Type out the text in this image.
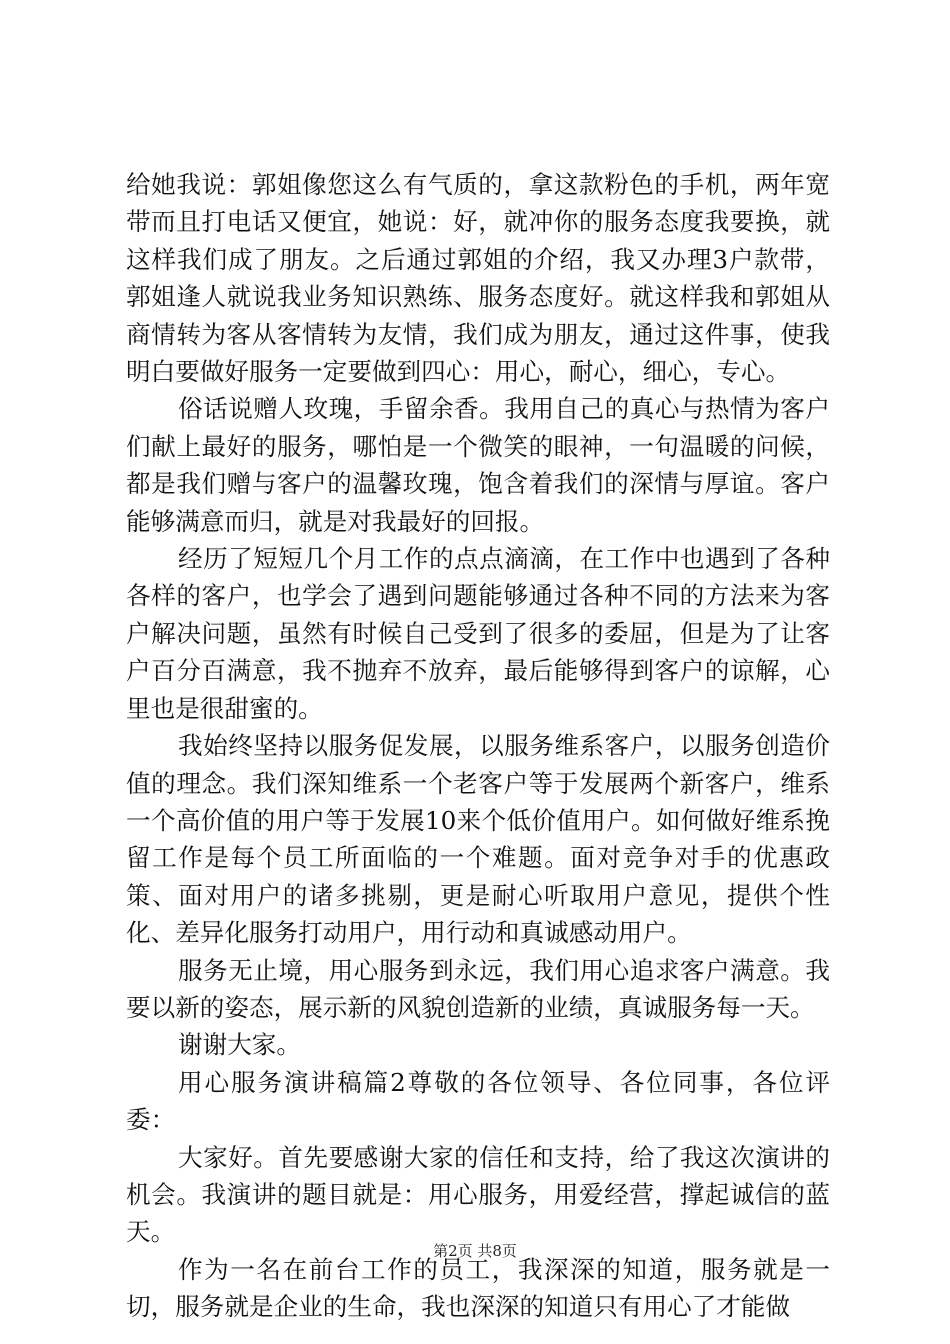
给她我说：郭姐像您这么有气质的，拿这款粉色的手机，两年宽带而且打电话又便宜，她说：好，就冲你的服务态度我要换，就这样我们成了朋友。之后通过郭姐的介绍，我又办理3户款带，郭姐逢人就说我业务知识熟练、服务态度好。就这样我和郭姐从商情转为客从客情转为友情，我们成为朋友，通过这件事，使我明白要做好服务一定要做到四心：用心，耐心，细心，专心。

俗话说赠人玫瑰，手留余香。我用自己的真心与热情为客户们献上最好的服务，哪怕是一个微笑的眼神，一句温暖的问候，都是我们赠与客户的温馨玫瑰，饱含着我们的深情与厚谊。客户能够满意而归，就是对我最好的回报。

经历了短短几个月工作的点点滴滴，在工作中也遇到了各种各样的客户，也学会了遇到问题能够通过各种不同的方法来为客户解决问题，虽然有时候自己受到了很多的委屈，但是为了让客户百分百满意，我不抛弃不放弃，最后能够得到客户的谅解，心里也是很甜蜜的。

我始终坚持以服务促发展，以服务维系客户，以服务创造价值的理念。我们深知维系一个老客户等于发展两个新客户，维系一个高价值的用户等于发展10来个低价值用户。如何做好维系挽留工作是每个员工所面临的一个难题。面对竞争对手的优惠政策、面对用户的诸多挑剔，更是耐心听取用户意见，提供个性化、差异化服务打动用户，用行动和真诚感动用户。

服务无止境，用心服务到永远，我们用心追求客户满意。我要以新的姿态，展示新的风貌创造新的业绩，真诚服务每一天。

谢谢大家。

用心服务演讲稿篇2尊敬的各位领导、各位同事，各位评委：

大家好。首先要感谢大家的信任和支持，给了我这次演讲的机会。我演讲的题目就是：用心服务，用爱经营，撑起诚信的蓝天。

作为一名在前台工作的员工，我深深的知道，服务就是一切，服务就是企业的生命，我也深深的知道只有用心了才能做

第2页 共8页
